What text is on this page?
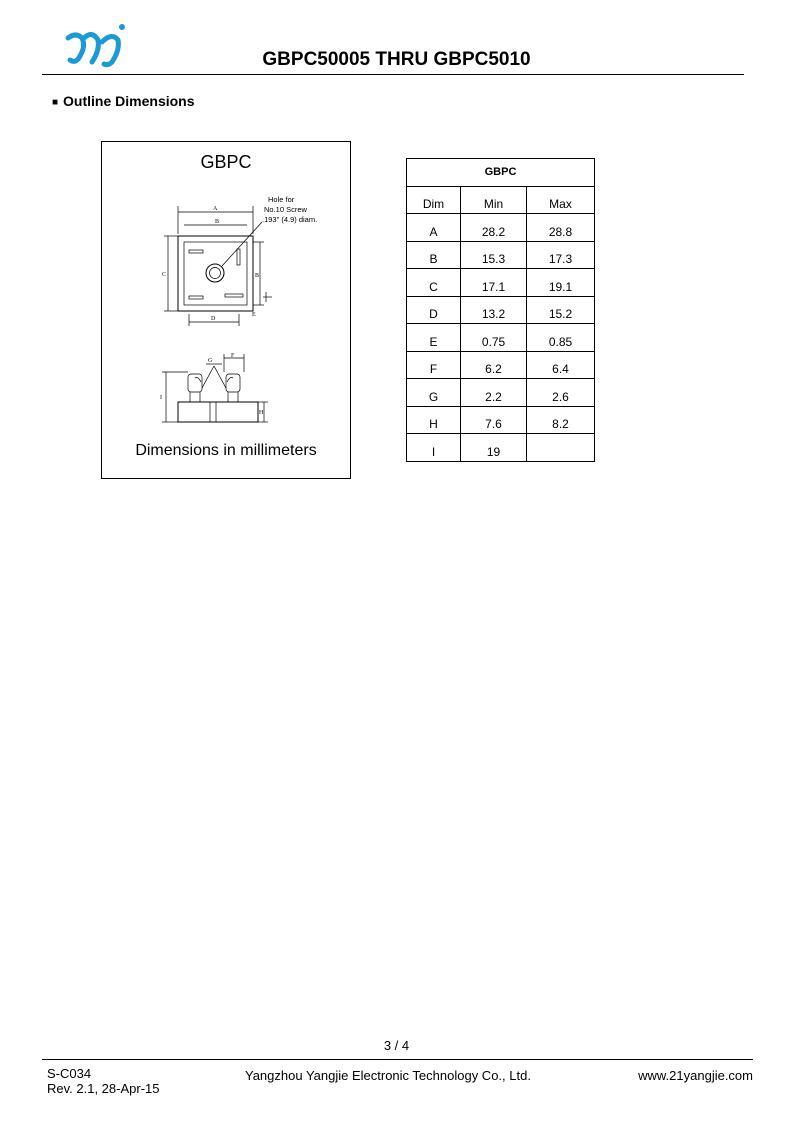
GBPC50005 THRU GBPC5010
■ Outline Dimensions
GBPC
A
B
C	B
E
D
F
G
I
H
Hole for
No.10 Screw
.193" (4.9) diam.
Dimensions in millimeters
GBPC		
Dim	Min	Max
A	28.2	28.8
B	15.3	17.3
C	17.1	19.1
D	13.2	15.2
E	0.75	0.85
F	6.2	6.4
G	2.2	2.6
H	7.6	8.2
I	19	
3 / 4
S-C034
Rev. 2.1, 28-Apr-15
Yangzhou Yangjie Electronic Technology Co., Ltd.	www.21yangjie.com
